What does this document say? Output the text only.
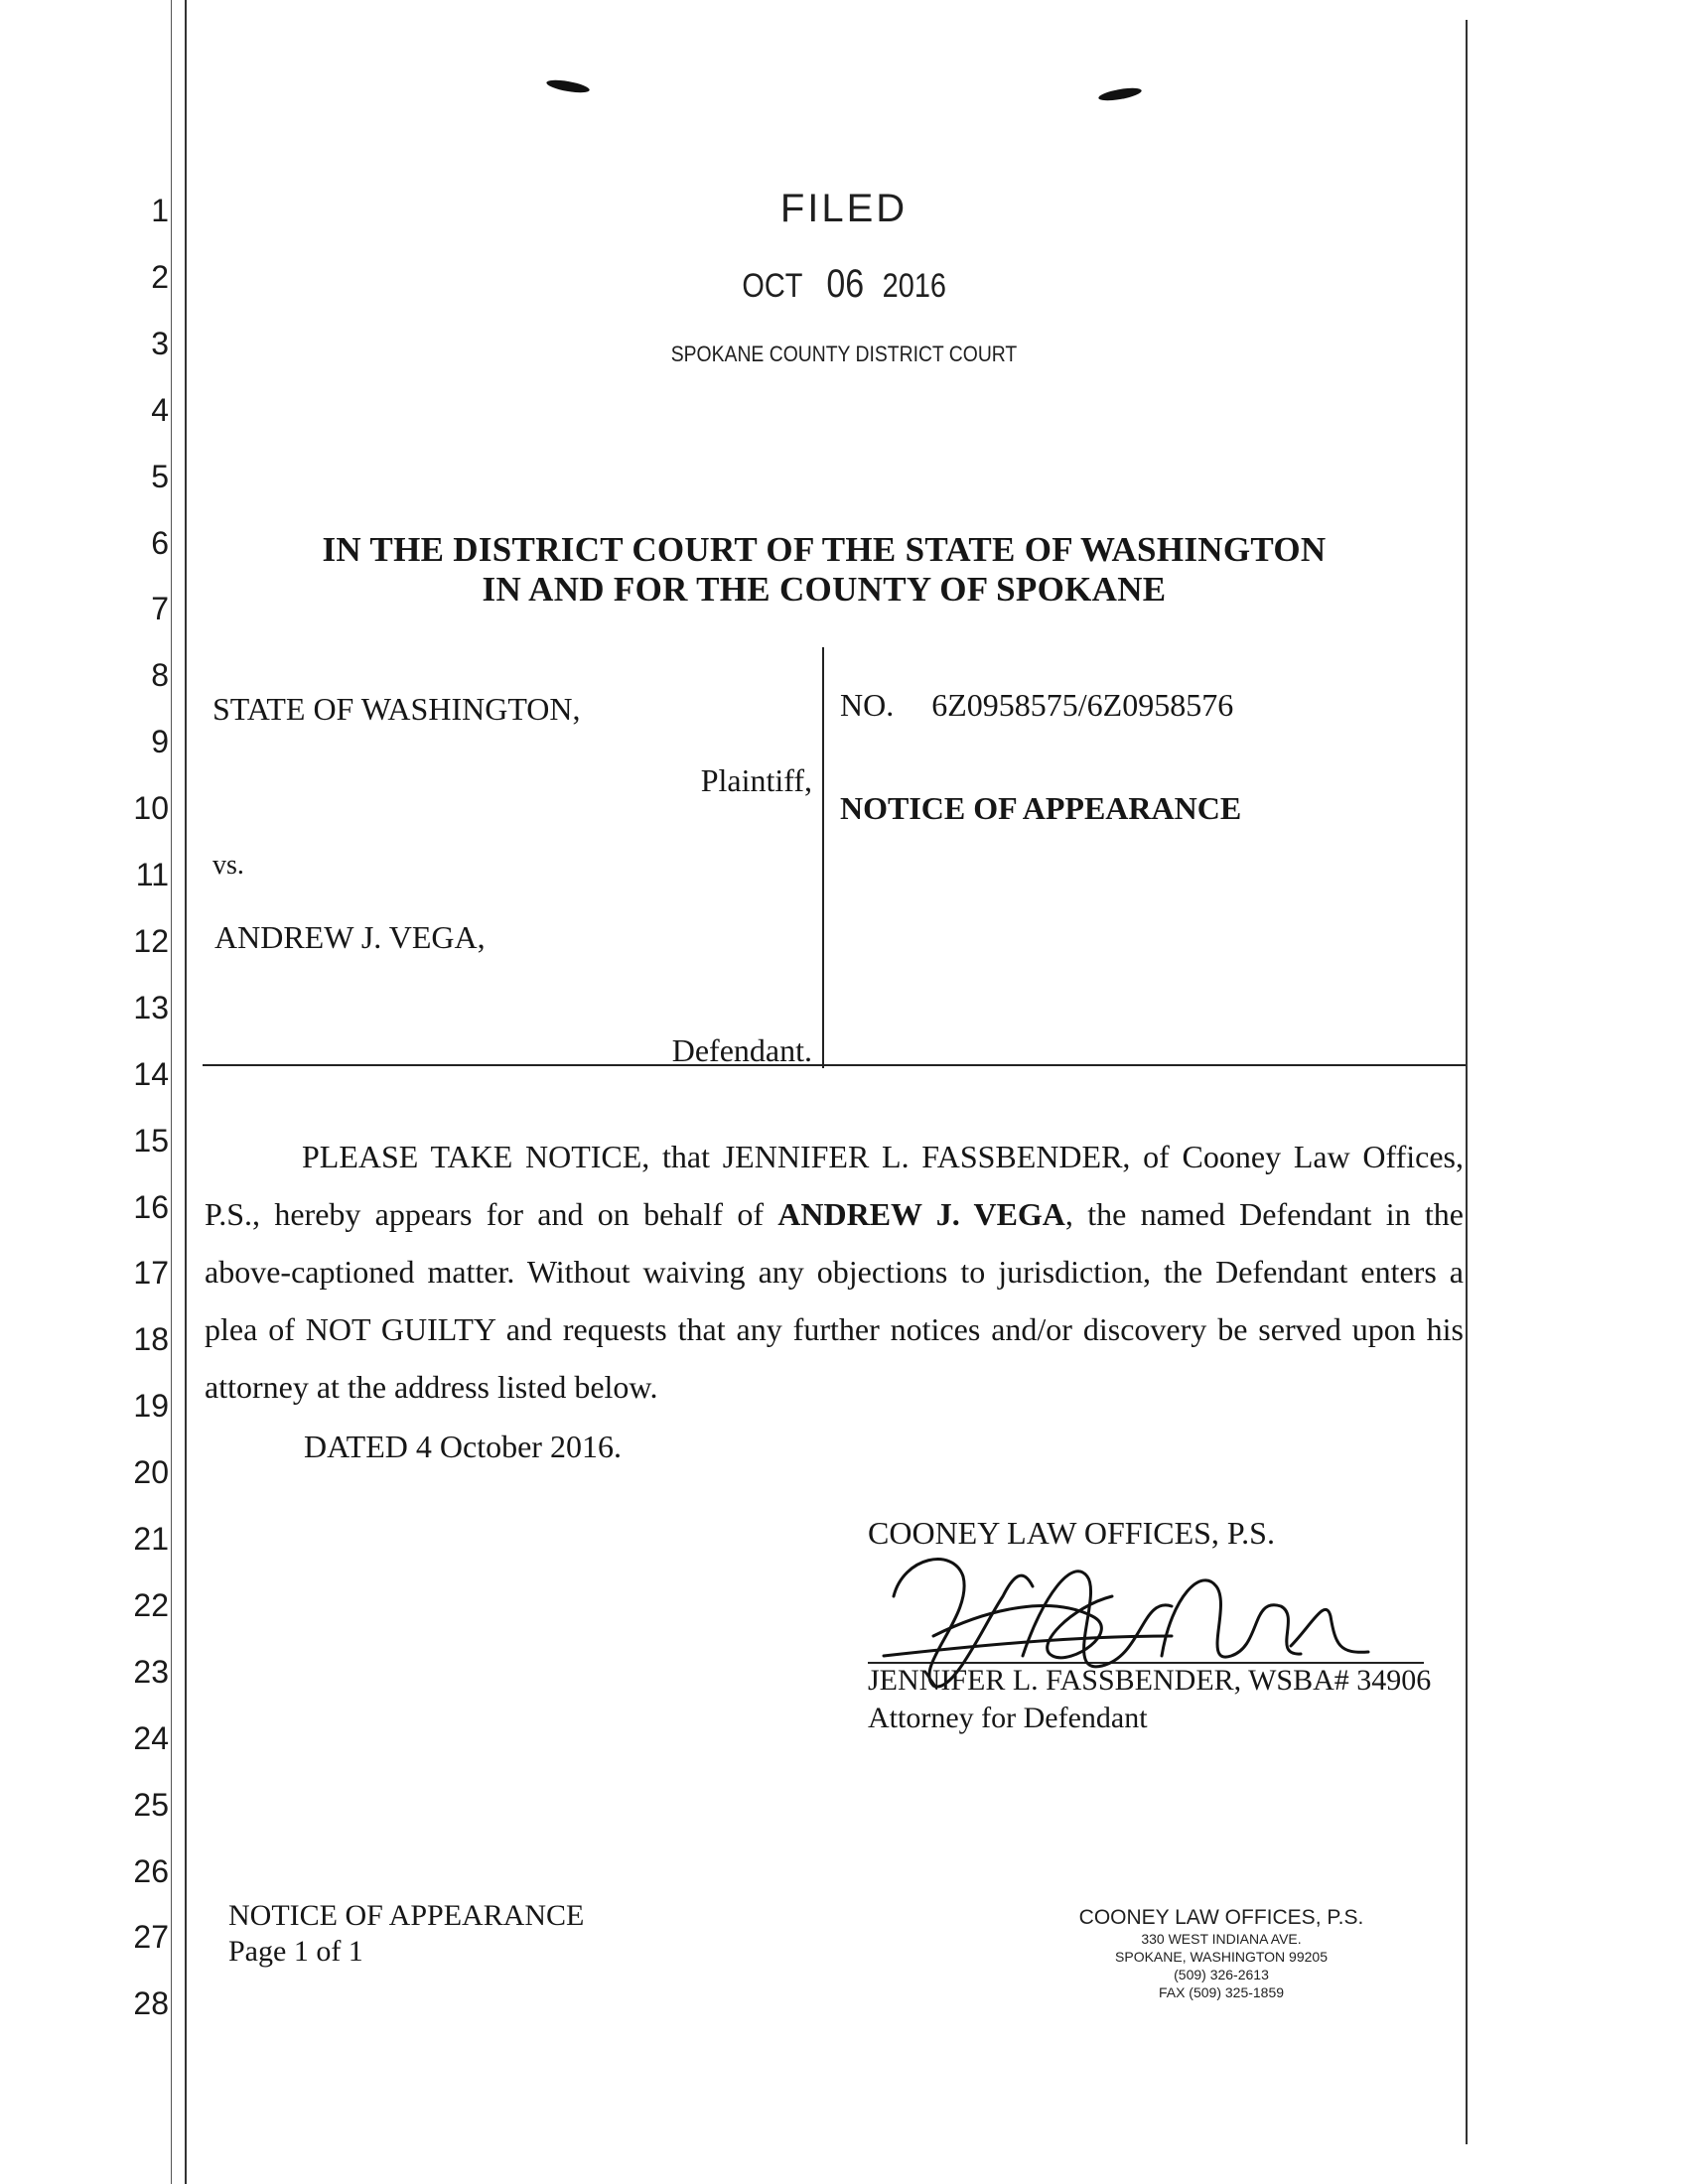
1
2
3
4
5
6
7
8
9
10
11
12
13
14
15
16
17
18
19
20
21
22
23
24
25
26
27
28
FILED
OCT 06 2016
SPOKANE COUNTY DISTRICT COURT
IN THE DISTRICT COURT OF THE STATE OF WASHINGTON
IN AND FOR THE COUNTY OF SPOKANE
STATE OF WASHINGTON,
Plaintiff,
vs.
ANDREW J. VEGA,
Defendant.
NO. 6Z0958575/6Z0958576
NOTICE OF APPEARANCE
PLEASE TAKE NOTICE, that JENNIFER L. FASSBENDER, of Cooney Law Offices, P.S., hereby appears for and on behalf of ANDREW J. VEGA, the named Defendant in the above-captioned matter. Without waiving any objections to jurisdiction, the Defendant enters a plea of NOT GUILTY and requests that any further notices and/or discovery be served upon his attorney at the address listed below.
DATED 4 October 2016.
COONEY LAW OFFICES, P.S.
JENNIFER L. FASSBENDER, WSBA# 34906
Attorney for Defendant
NOTICE OF APPEARANCE
Page 1 of 1
COONEY LAW OFFICES, P.S.
330 WEST INDIANA AVE.
SPOKANE, WASHINGTON 99205
(509) 326-2613
FAX (509) 325-1859
